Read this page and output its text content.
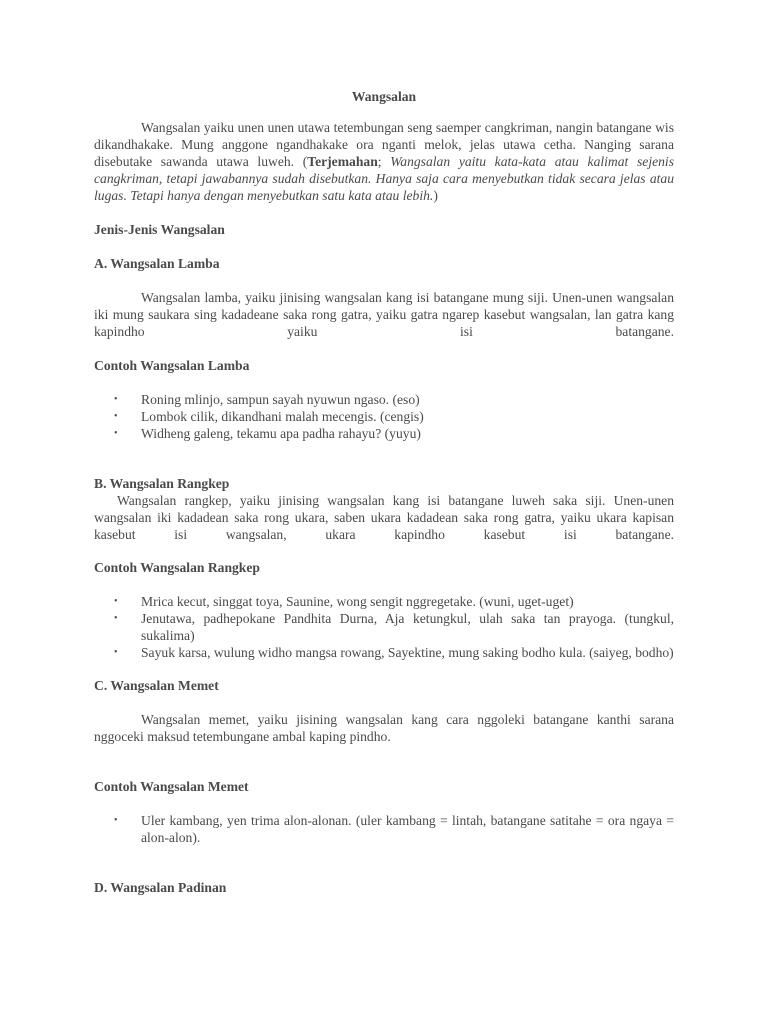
Wangsalan

Wangsalan yaiku unen unen utawa tetembungan seng saemper cangkriman, nangin batangane wis dikandhakake. Mung anggone ngandhakake ora nganti melok, jelas utawa cetha. Nanging sarana disebutake sawanda utawa luweh. (Terjemahan; Wangsalan yaitu kata-kata atau kalimat sejenis cangkriman, tetapi jawabannya sudah disebutkan. Hanya saja cara menyebutkan tidak secara jelas atau lugas. Tetapi hanya dengan menyebutkan satu kata atau lebih.)

Jenis-Jenis Wangsalan

A. Wangsalan Lamba

Wangsalan lamba, yaiku jinising wangsalan kang isi batangane mung siji. Unen-unen wangsalan iki mung saukara sing kadadeane saka rong gatra, yaiku gatra ngarep kasebut wangsalan, lan gatra kang kapindho yaiku isi batangane.

Contoh Wangsalan Lamba

• Roning mlinjo, sampun sayah nyuwun ngaso. (eso)
• Lombok cilik, dikandhani malah mecengis. (cengis)
• Widheng galeng, tekamu apa padha rahayu? (yuyu)

B. Wangsalan Rangkep

Wangsalan rangkep, yaiku jinising wangsalan kang isi batangane luweh saka siji. Unen-unen wangsalan iki kadadean saka rong ukara, saben ukara kadadean saka rong gatra, yaiku ukara kapisan kasebut isi wangsalan, ukara kapindho kasebut isi batangane.

Contoh Wangsalan Rangkep

• Mrica kecut, singgat toya, Saunine, wong sengit nggregetake. (wuni, uget-uget)
• Jenutawa, padhepokane Pandhita Durna, Aja ketungkul, ulah saka tan prayoga. (tungkul, sukalima)
• Sayuk karsa, wulung widho mangsa rowang, Sayektine, mung saking bodho kula. (saiyeg, bodho)

C. Wangsalan Memet

Wangsalan memet, yaiku jisining wangsalan kang cara nggoleki batangane kanthi sarana nggoceki maksud tetembungane ambal kaping pindho.

Contoh Wangsalan Memet

• Uler kambang, yen trima alon-alonan. (uler kambang = lintah, batangane satitahe = ora ngaya = alon-alon).

D. Wangsalan Padinan
